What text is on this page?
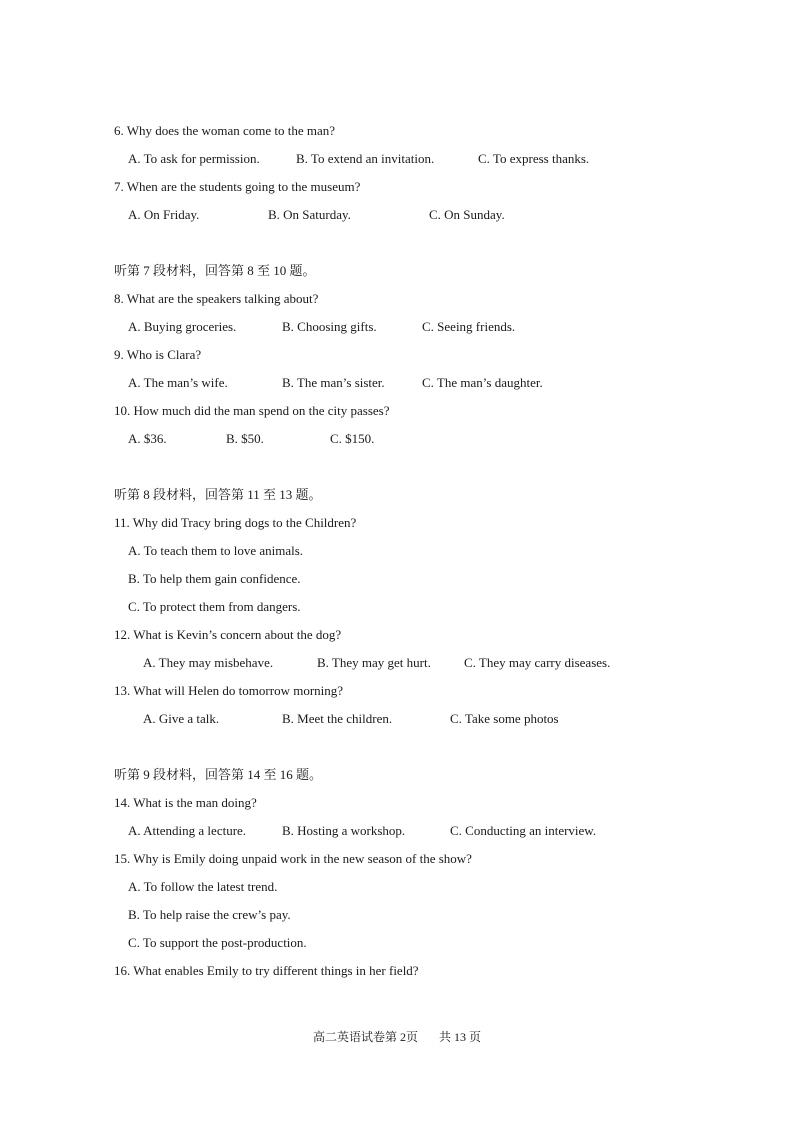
6. Why does the woman come to the man?
A. To ask for permission.	B. To extend an invitation.	C. To express thanks.
7. When are the students going to the museum?
A. On Friday.	B. On Saturday.	C. On Sunday.
听第 7 段材料，回答第 8 至 10 题。
8. What are the speakers talking about?
A. Buying groceries.	B. Choosing gifts.	C. Seeing friends.
9. Who is Clara?
A. The man’s wife.	B. The man’s sister.	C. The man’s daughter.
10. How much did the man spend on the city passes?
A. $36.	B. $50.	C. $150.
听第 8 段材料，回答第 11 至 13 题。
11. Why did Tracy bring dogs to the Children?
A. To teach them to love animals.
B. To help them gain confidence.
C. To protect them from dangers.
12. What is Kevin’s concern about the dog?
A. They may misbehave.	B. They may get hurt.	C. They may carry diseases.
13. What will Helen do tomorrow morning?
A. Give a talk.	B. Meet the children.	C. Take some photos
听第 9 段材料，回答第 14 至 16 题。
14. What is the man doing?
A. Attending a lecture.	B. Hosting a workshop.	C. Conducting an interview.
15. Why is Emily doing unpaid work in the new season of the show?
A. To follow the latest trend.
B. To help raise the crew’s pay.
C. To support the post-production.
16. What enables Emily to try different things in her field?
高二英语试卷第 2页 共 13 页
